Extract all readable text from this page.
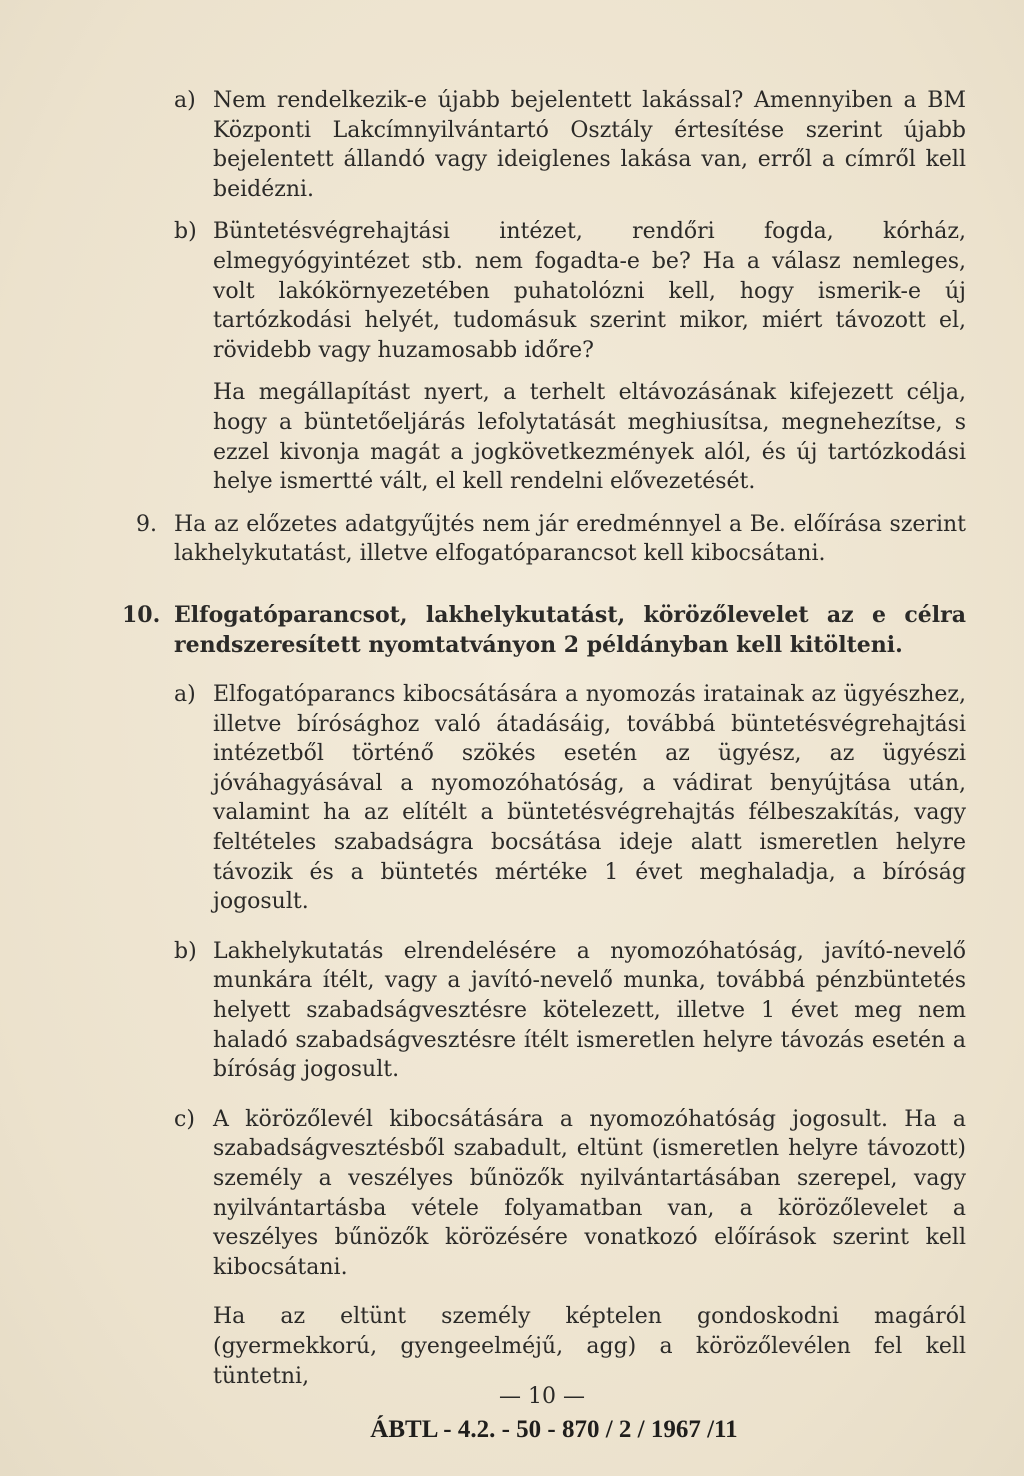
a) Nem rendelkezik-e újabb bejelentett lakással? Amennyiben a BM Központi Lakcímnyilvántartó Osztály értesítése szerint újabb bejelentett állandó vagy ideiglenes lakása van, erről a címről kell beidézni.

b) Büntetésvégrehajtási intézet, rendőri fogda, kórház, elmegyógyintézet stb. nem fogadta-e be? Ha a válasz nemleges, volt lakókörnyezetében puhatolózni kell, hogy ismerik-e új tartózkodási helyét, tudomásuk szerint mikor, miért távozott el, rövidebb vagy huzamosabb időre?

Ha megállapítást nyert, a terhelt eltávozásának kifejezett célja, hogy a büntetőeljárás lefolytatását meghiusítsa, megnehezítse, s ezzel kivonja magát a jogkövetkezmények alól, és új tartózkodási helye ismertté vált, el kell rendelni elővezetését.

9. Ha az előzetes adatgyűjtés nem jár eredménnyel a Be. előírása szerint lakhelykutatást, illetve elfogatóparancsot kell kibocsátani.

10. Elfogatóparancsot, lakhelykutatást, körözőlevelet az e célra rendszeresített nyomtatványon 2 példányban kell kitölteni.

a) Elfogatóparancs kibocsátására a nyomozás iratainak az ügyészhez, illetve bírósághoz való átadásáig, továbbá büntetésvégrehajtási intézetből történő szökés esetén az ügyész, az ügyészi jóváhagyásával a nyomozóhatóság, a vádirat benyújtása után, valamint ha az elítélt a büntetésvégrehajtás félbeszakítás, vagy feltételes szabadságra bocsátása ideje alatt ismeretlen helyre távozik és a büntetés mértéke 1 évet meghaladja, a bíróság jogosult.

b) Lakhelykutatás elrendelésére a nyomozóhatóság, javító-nevelő munkára ítélt, vagy a javító-nevelő munka, továbbá pénzbüntetés helyett szabadságvesztésre kötelezett, illetve 1 évet meg nem haladó szabadságvesztésre ítélt ismeretlen helyre távozás esetén a bíróság jogosult.

c) A körözőlevél kibocsátására a nyomozóhatóság jogosult. Ha a szabadságvesztésből szabadult, eltünt (ismeretlen helyre távozott) személy a veszélyes bűnözők nyilvántartásában szerepel, vagy nyilvántartásba vétele folyamatban van, a körözőlevelet a veszélyes bűnözők körözésére vonatkozó előírások szerint kell kibocsátani.

Ha az eltünt személy képtelen gondoskodni magáról (gyermekkorú, gyengeelméjű, agg) a körözőlevélen fel kell tüntetni,

— 10 —
ÁBTL - 4.2. - 50 - 870 / 2 / 1967 /11
